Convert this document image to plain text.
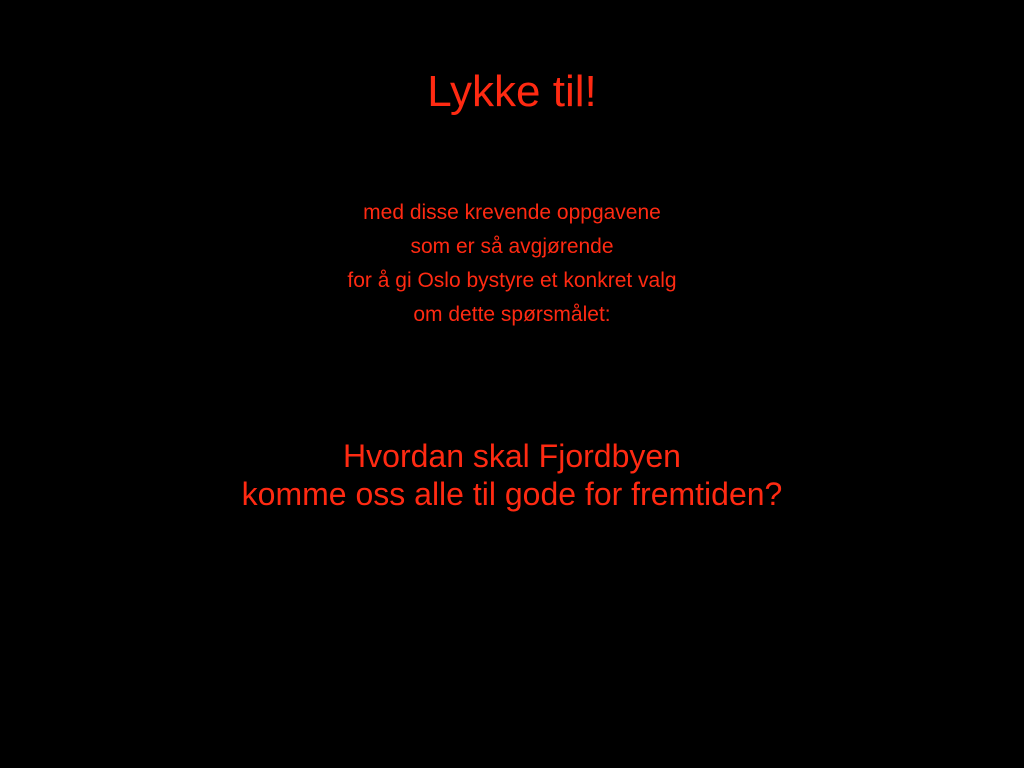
Lykke til!
med disse krevende oppgavene
som er så avgjørende
for å gi Oslo bystyre et konkret valg
om dette spørsmålet:
Hvordan skal Fjordbyen
komme oss alle til gode for fremtiden?
